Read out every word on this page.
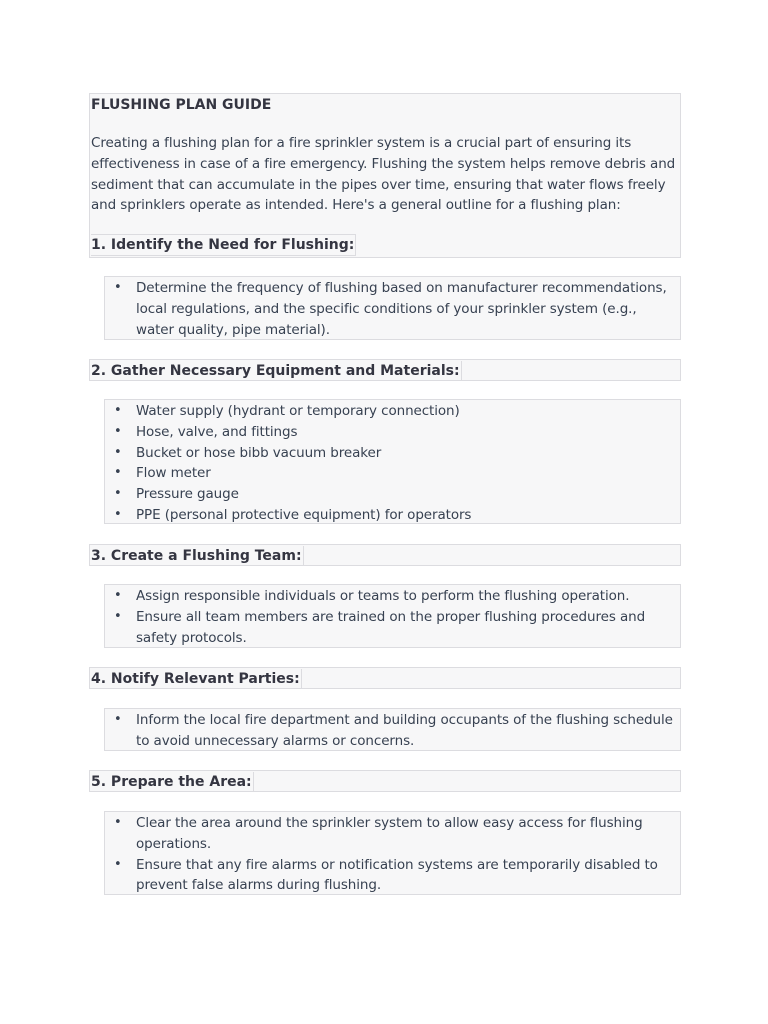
FLUSHING PLAN GUIDE

Creating a flushing plan for a fire sprinkler system is a crucial part of ensuring its effectiveness in case of a fire emergency. Flushing the system helps remove debris and sediment that can accumulate in the pipes over time, ensuring that water flows freely and sprinklers operate as intended. Here's a general outline for a flushing plan:

1. Identify the Need for Flushing:

• Determine the frequency of flushing based on manufacturer recommendations, local regulations, and the specific conditions of your sprinkler system (e.g., water quality, pipe material).

2. Gather Necessary Equipment and Materials:

• Water supply (hydrant or temporary connection)
• Hose, valve, and fittings
• Bucket or hose bibb vacuum breaker
• Flow meter
• Pressure gauge
• PPE (personal protective equipment) for operators

3. Create a Flushing Team:

• Assign responsible individuals or teams to perform the flushing operation.
• Ensure all team members are trained on the proper flushing procedures and safety protocols.

4. Notify Relevant Parties:

• Inform the local fire department and building occupants of the flushing schedule to avoid unnecessary alarms or concerns.

5. Prepare the Area:

• Clear the area around the sprinkler system to allow easy access for flushing operations.
• Ensure that any fire alarms or notification systems are temporarily disabled to prevent false alarms during flushing.
